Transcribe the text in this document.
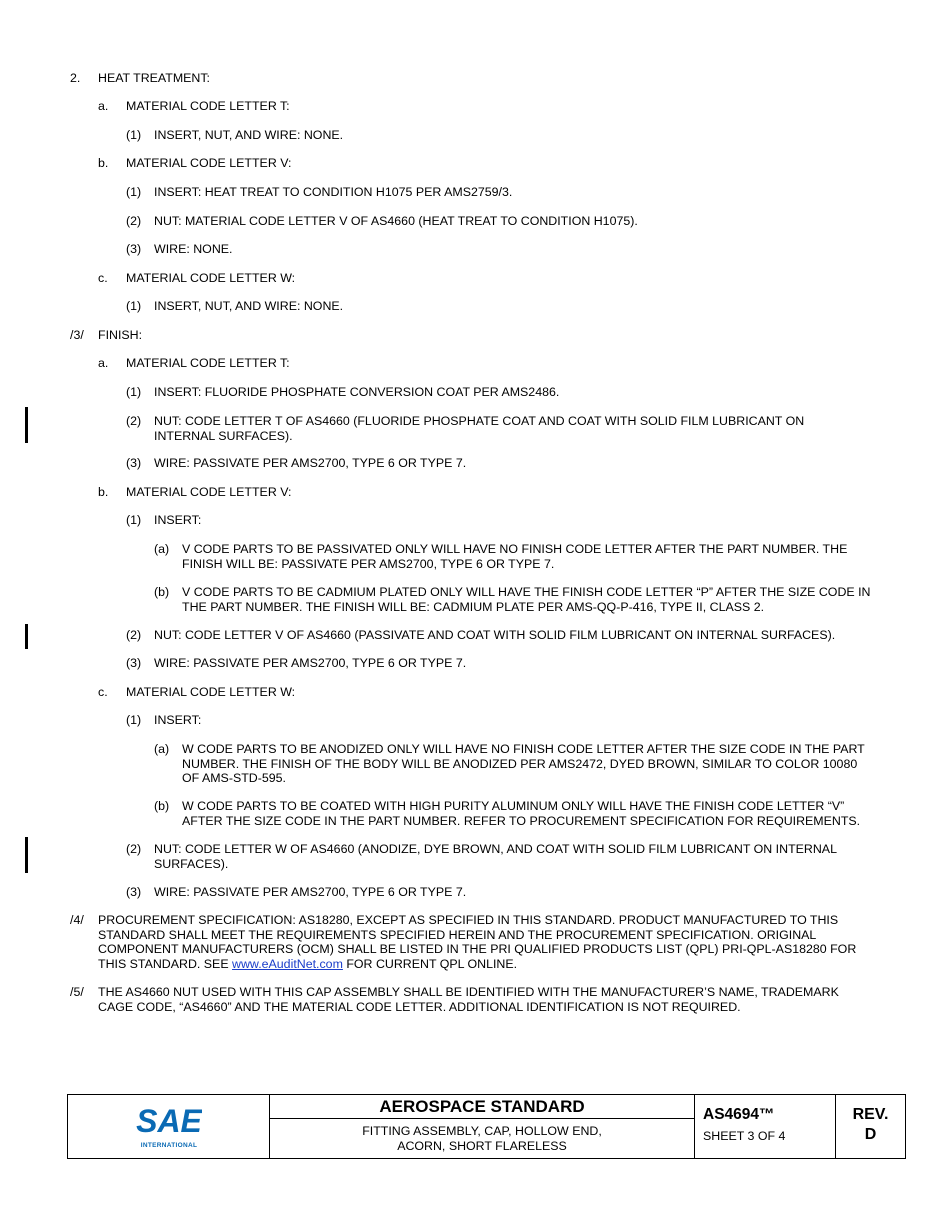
2. HEAT TREATMENT:
a. MATERIAL CODE LETTER T:
(1) INSERT, NUT, AND WIRE: NONE.
b. MATERIAL CODE LETTER V:
(1) INSERT: HEAT TREAT TO CONDITION H1075 PER AMS2759/3.
(2) NUT: MATERIAL CODE LETTER V OF AS4660 (HEAT TREAT TO CONDITION H1075).
(3) WIRE: NONE.
c. MATERIAL CODE LETTER W:
(1) INSERT, NUT, AND WIRE: NONE.
/3/ FINISH:
a. MATERIAL CODE LETTER T:
(1) INSERT: FLUORIDE PHOSPHATE CONVERSION COAT PER AMS2486.
(2) NUT: CODE LETTER T OF AS4660 (FLUORIDE PHOSPHATE COAT AND COAT WITH SOLID FILM LUBRICANT ON INTERNAL SURFACES).
(3) WIRE: PASSIVATE PER AMS2700, TYPE 6 OR TYPE 7.
b. MATERIAL CODE LETTER V:
(1) INSERT:
(a) V CODE PARTS TO BE PASSIVATED ONLY WILL HAVE NO FINISH CODE LETTER AFTER THE PART NUMBER. THE FINISH WILL BE: PASSIVATE PER AMS2700, TYPE 6 OR TYPE 7.
(b) V CODE PARTS TO BE CADMIUM PLATED ONLY WILL HAVE THE FINISH CODE LETTER “P” AFTER THE SIZE CODE IN THE PART NUMBER. THE FINISH WILL BE: CADMIUM PLATE PER AMS-QQ-P-416, TYPE II, CLASS 2.
(2) NUT: CODE LETTER V OF AS4660 (PASSIVATE AND COAT WITH SOLID FILM LUBRICANT ON INTERNAL SURFACES).
(3) WIRE: PASSIVATE PER AMS2700, TYPE 6 OR TYPE 7.
c. MATERIAL CODE LETTER W:
(1) INSERT:
(a) W CODE PARTS TO BE ANODIZED ONLY WILL HAVE NO FINISH CODE LETTER AFTER THE SIZE CODE IN THE PART NUMBER. THE FINISH OF THE BODY WILL BE ANODIZED PER AMS2472, DYED BROWN, SIMILAR TO COLOR 10080 OF AMS-STD-595.
(b) W CODE PARTS TO BE COATED WITH HIGH PURITY ALUMINUM ONLY WILL HAVE THE FINISH CODE LETTER “V” AFTER THE SIZE CODE IN THE PART NUMBER. REFER TO PROCUREMENT SPECIFICATION FOR REQUIREMENTS.
(2) NUT: CODE LETTER W OF AS4660 (ANODIZE, DYE BROWN, AND COAT WITH SOLID FILM LUBRICANT ON INTERNAL SURFACES).
(3) WIRE: PASSIVATE PER AMS2700, TYPE 6 OR TYPE 7.
/4/ PROCUREMENT SPECIFICATION: AS18280, EXCEPT AS SPECIFIED IN THIS STANDARD. PRODUCT MANUFACTURED TO THIS STANDARD SHALL MEET THE REQUIREMENTS SPECIFIED HEREIN AND THE PROCUREMENT SPECIFICATION. ORIGINAL COMPONENT MANUFACTURERS (OCM) SHALL BE LISTED IN THE PRI QUALIFIED PRODUCTS LIST (QPL) PRI-QPL-AS18280 FOR THIS STANDARD. SEE www.eAuditNet.com FOR CURRENT QPL ONLINE.
/5/ THE AS4660 NUT USED WITH THIS CAP ASSEMBLY SHALL BE IDENTIFIED WITH THE MANUFACTURER’S NAME, TRADEMARK CAGE CODE, “AS4660” AND THE MATERIAL CODE LETTER. ADDITIONAL IDENTIFICATION IS NOT REQUIRED.
SAE
INTERNATIONAL
AEROSPACE STANDARD
FITTING ASSEMBLY, CAP, HOLLOW END,
ACORN, SHORT FLARELESS
AS4694™
SHEET 3 OF 4
REV.
D
